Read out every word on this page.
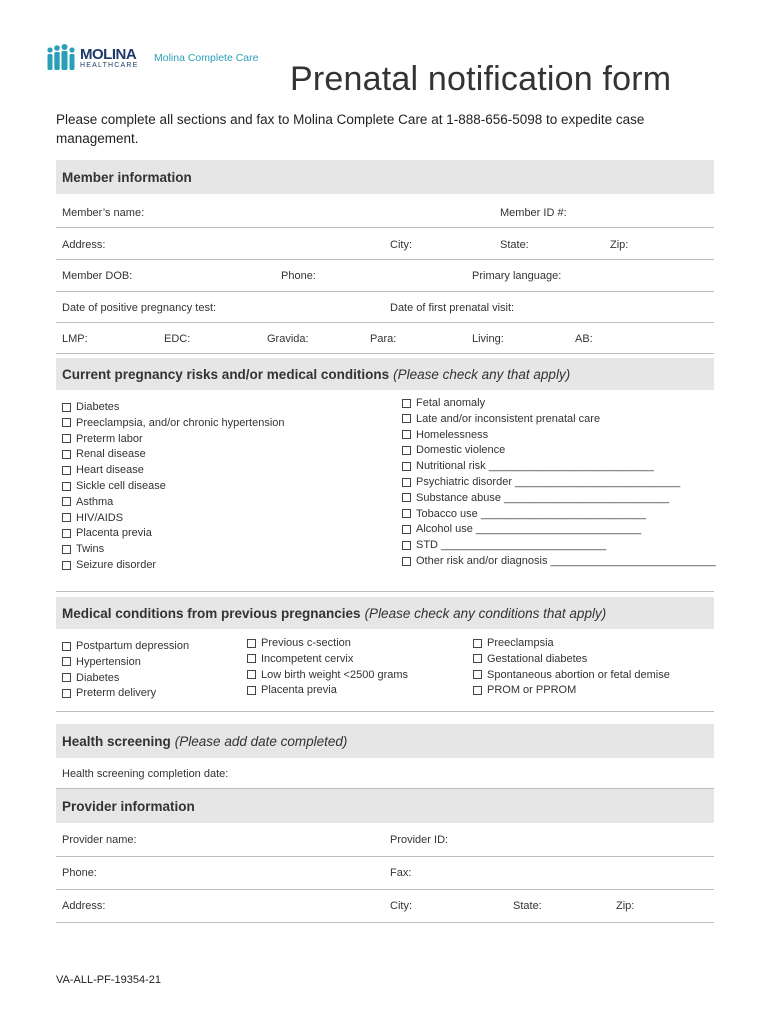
MOLINA
HEALTHCARE
Molina Complete Care
Prenatal notification form
Please complete all sections and fax to Molina Complete Care at 1-888-656-5098 to expedite case management.
Member information
Member’s name:	Member ID #:
Address:	City:	State:	Zip:
Member DOB:	Phone:	Primary language:
Date of positive pregnancy test:	Date of first prenatal visit:
LMP:	EDC:	Gravida:	Para:	Living:	AB:
Current pregnancy risks and/or medical conditions (Please check any that apply)
Diabetes
Preeclampsia, and/or chronic hypertension
Preterm labor
Renal disease
Heart disease
Sickle cell disease
Asthma
HIV/AIDS
Placenta previa
Twins
Seizure disorder
Fetal anomaly
Late and/or inconsistent prenatal care
Homelessness
Domestic violence
Nutritional risk ___________________________
Psychiatric disorder ___________________________
Substance abuse ___________________________
Tobacco use ___________________________
Alcohol use ___________________________
STD ___________________________
Other risk and/or diagnosis ___________________________
Medical conditions from previous pregnancies (Please check any conditions that apply)
Postpartum depression
Hypertension
Diabetes
Preterm delivery
Previous c-section
Incompetent cervix
Low birth weight <2500 grams
Placenta previa
Preeclampsia
Gestational diabetes
Spontaneous abortion or fetal demise
PROM or PPROM
Health screening (Please add date completed)
Health screening completion date:
Provider information
Provider name:	Provider ID:
Phone:	Fax:
Address:	City:	State:	Zip:
VA-ALL-PF-19354-21
